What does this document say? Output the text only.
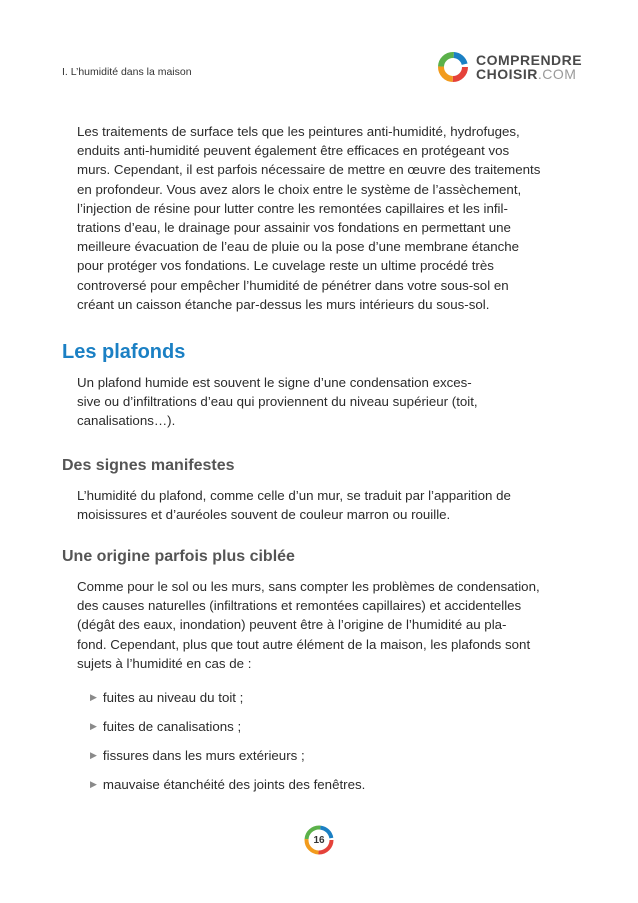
I. L’humidité dans la maison
COMPRENDRE
CHOISIR.COM
Les traitements de surface tels que les peintures anti-humidité, hydrofuges,
enduits anti-humidité peuvent également être efficaces en protégeant vos
murs. Cependant, il est parfois nécessaire de mettre en œuvre des traitements
en profondeur. Vous avez alors le choix entre le système de l’assèchement,
l’injection de résine pour lutter contre les remontées capillaires et les infil-
trations d’eau, le drainage pour assainir vos fondations en permettant une
meilleure évacuation de l’eau de pluie ou la pose d’une membrane étanche
pour protéger vos fondations. Le cuvelage reste un ultime procédé très
controversé pour empêcher l’humidité de pénétrer dans votre sous-sol en
créant un caisson étanche par-dessus les murs intérieurs du sous-sol.
Les plafonds
Un plafond humide est souvent le signe d’une condensation exces-
sive ou d’infiltrations d’eau qui proviennent du niveau supérieur (toit,
canalisations…).
Des signes manifestes
L’humidité du plafond, comme celle d’un mur, se traduit par l’apparition de
moisissures et d’auréoles souvent de couleur marron ou rouille.
Une origine parfois plus ciblée
Comme pour le sol ou les murs, sans compter les problèmes de condensation,
des causes naturelles (infiltrations et remontées capillaires) et accidentelles
(dégât des eaux, inondation) peuvent être à l’origine de l’humidité au pla-
fond. Cependant, plus que tout autre élément de la maison, les plafonds sont
sujets à l’humidité en cas de :
▶ fuites au niveau du toit ;
▶ fuites de canalisations ;
▶ fissures dans les murs extérieurs ;
▶ mauvaise étanchéité des joints des fenêtres.
16
